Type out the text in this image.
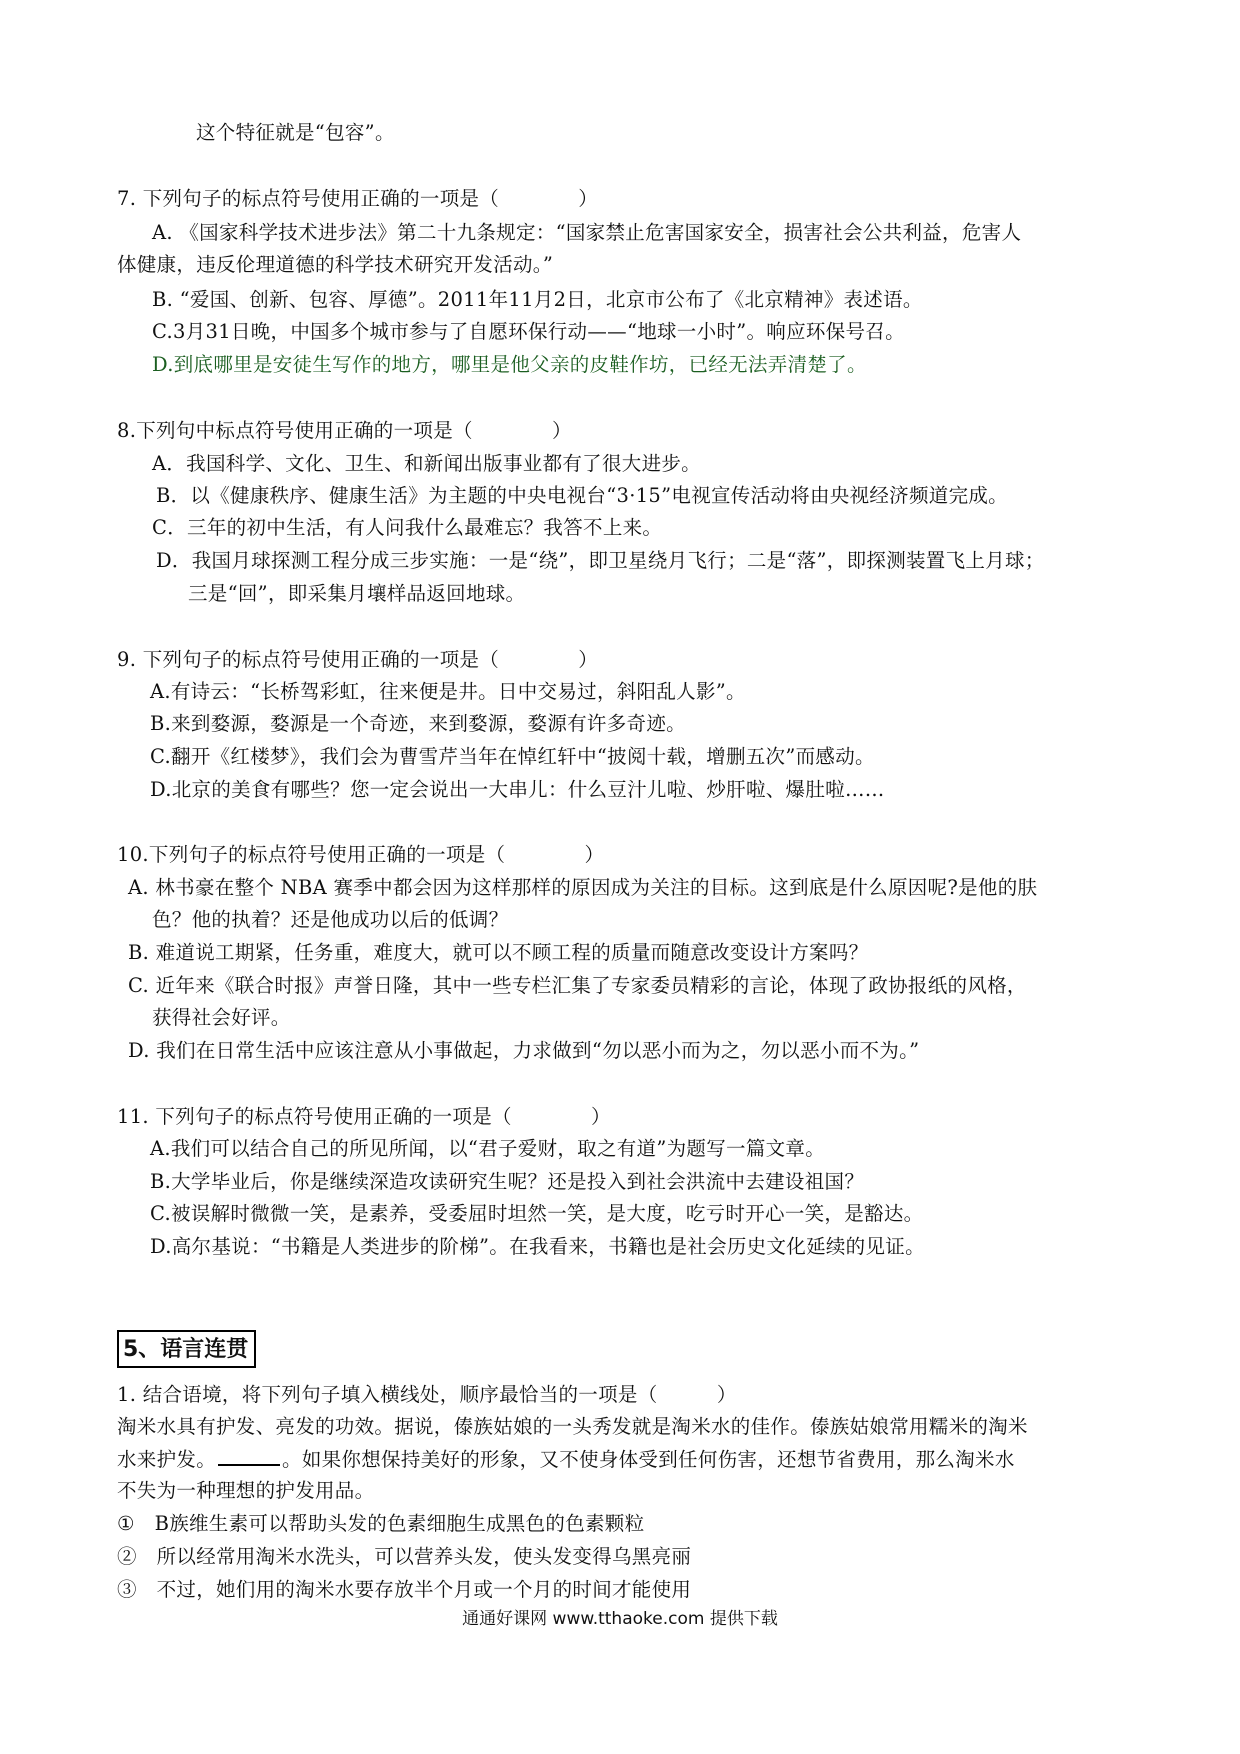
这个特征就是“包容”。
7. 下列句子的标点符号使用正确的一项是（　　　　）
A. 《国家科学技术进步法》第二十九条规定：“国家禁止危害国家安全，损害社会公共利益，危害人
体健康，违反伦理道德的科学技术研究开发活动。”
B. “爱国、创新、包容、厚德”。2011年11月2日，北京市公布了《北京精神》表述语。
C.3月31日晚，中国多个城市参与了自愿环保行动——“地球一小时”。响应环保号召。
D.到底哪里是安徒生写作的地方，哪里是他父亲的皮鞋作坊，已经无法弄清楚了。
8.下列句中标点符号使用正确的一项是（　　　　）
A．我国科学、文化、卫生、和新闻出版事业都有了很大进步。
B．以《健康秩序、健康生活》为主题的中央电视台“3·15”电视宣传活动将由央视经济频道完成。
C．三年的初中生活，有人问我什么最难忘？我答不上来。
D．我国月球探测工程分成三步实施：一是“绕”，即卫星绕月飞行；二是“落”，即探测装置飞上月球；
三是“回”，即采集月壤样品返回地球。
9. 下列句子的标点符号使用正确的一项是（　　　　）
A.有诗云：“长桥驾彩虹，往来便是井。日中交易过，斜阳乱人影”。
B.来到婺源，婺源是一个奇迹，来到婺源，婺源有许多奇迹。
C.翻开《红楼梦》，我们会为曹雪芹当年在悼红轩中“披阅十载，增删五次”而感动。
D.北京的美食有哪些？您一定会说出一大串儿：什么豆汁儿啦、炒肝啦、爆肚啦……
10.下列句子的标点符号使用正确的一项是（　　　　）
A. 林书豪在整个 NBA 赛季中都会因为这样那样的原因成为关注的目标。这到底是什么原因呢?是他的肤
色？他的执着？还是他成功以后的低调？
B. 难道说工期紧，任务重，难度大，就可以不顾工程的质量而随意改变设计方案吗？
C. 近年来《联合时报》声誉日隆，其中一些专栏汇集了专家委员精彩的言论，体现了政协报纸的风格，
获得社会好评。
D. 我们在日常生活中应该注意从小事做起，力求做到“勿以恶小而为之，勿以恶小而不为。”
11. 下列句子的标点符号使用正确的一项是（　　　　）
A.我们可以结合自己的所见所闻，以“君子爱财，取之有道”为题写一篇文章。
B.大学毕业后，你是继续深造攻读研究生呢？还是投入到社会洪流中去建设祖国？
C.被误解时微微一笑，是素养，受委屈时坦然一笑，是大度，吃亏时开心一笑，是豁达。
D.高尔基说：“书籍是人类进步的阶梯”。在我看来，书籍也是社会历史文化延续的见证。
5、语言连贯
1. 结合语境，将下列句子填入横线处，顺序最恰当的一项是（　　　）
淘米水具有护发、亮发的功效。据说，傣族姑娘的一头秀发就是淘米水的佳作。傣族姑娘常用糯米的淘米
水来护发。	。如果你想保持美好的形象，又不使身体受到任何伤害，还想节省费用，那么淘米水
不失为一种理想的护发用品。
①　B族维生素可以帮助头发的色素细胞生成黑色的色素颗粒
②　所以经常用淘米水洗头，可以营养头发，使头发变得乌黑亮丽
③　不过，她们用的淘米水要存放半个月或一个月的时间才能使用
通通好课网 www.tthaoke.com 提供下载
